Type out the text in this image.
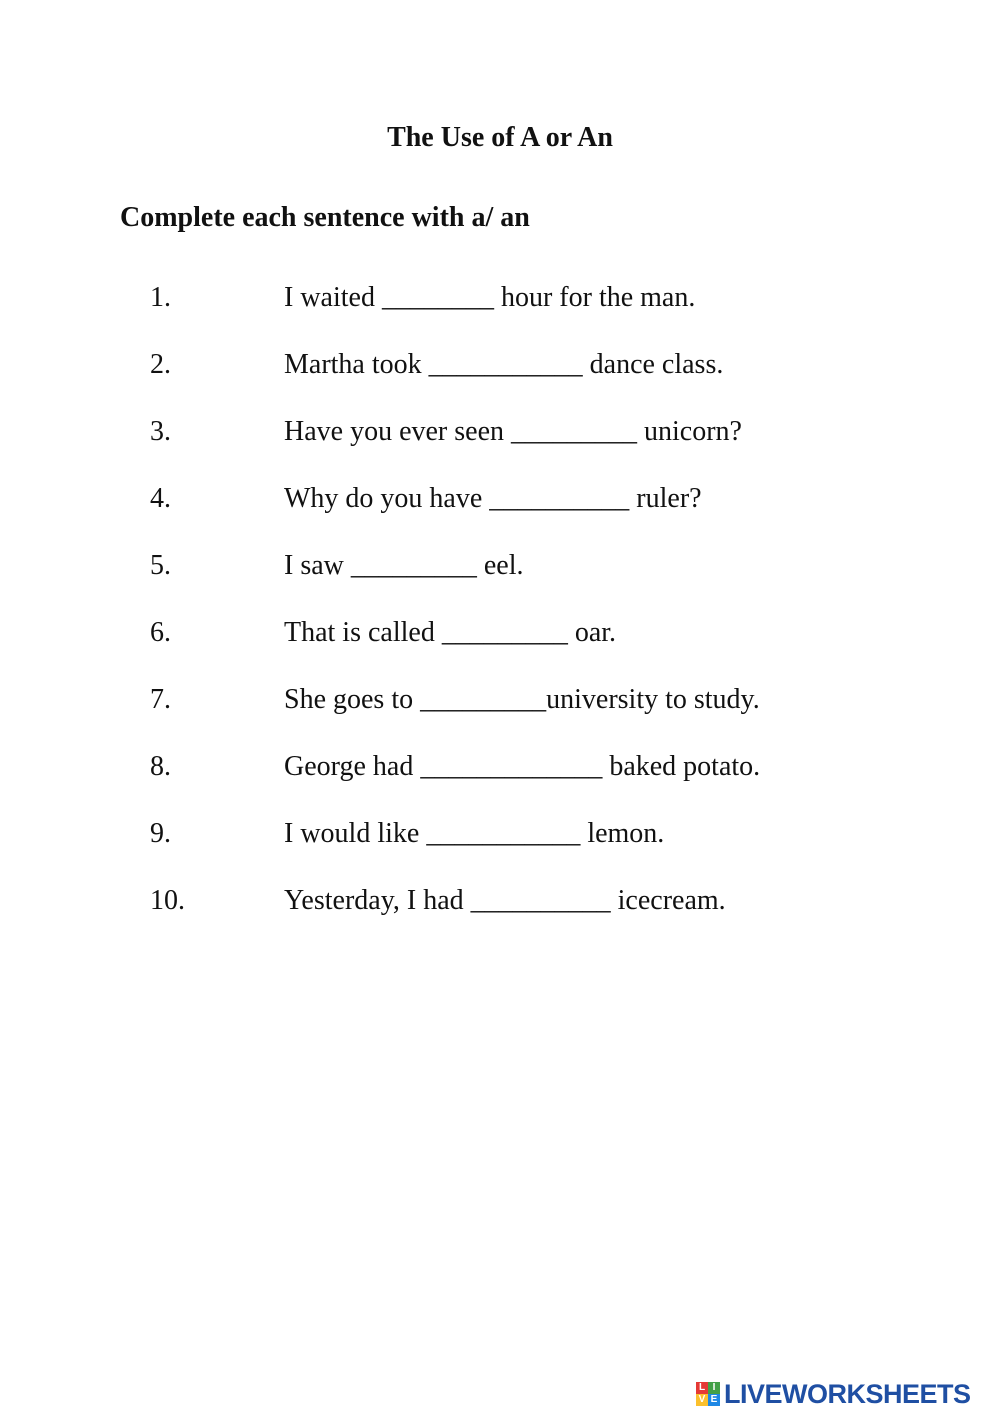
The Use of A or An
Complete each sentence with a/ an
1.	I waited ________ hour for the man.
2.	Martha took ___________ dance class.
3.	Have you ever seen _________ unicorn?
4.	Why do you have __________ ruler?
5.	I saw _________ eel.
6.	That is called _________ oar.
7.	She goes to _________university to study.
8.	George had _____________ baked potato.
9.	I would like ___________ lemon.
10.	Yesterday, I had __________ icecream.
L I
V E LIVEWORKSHEETS
